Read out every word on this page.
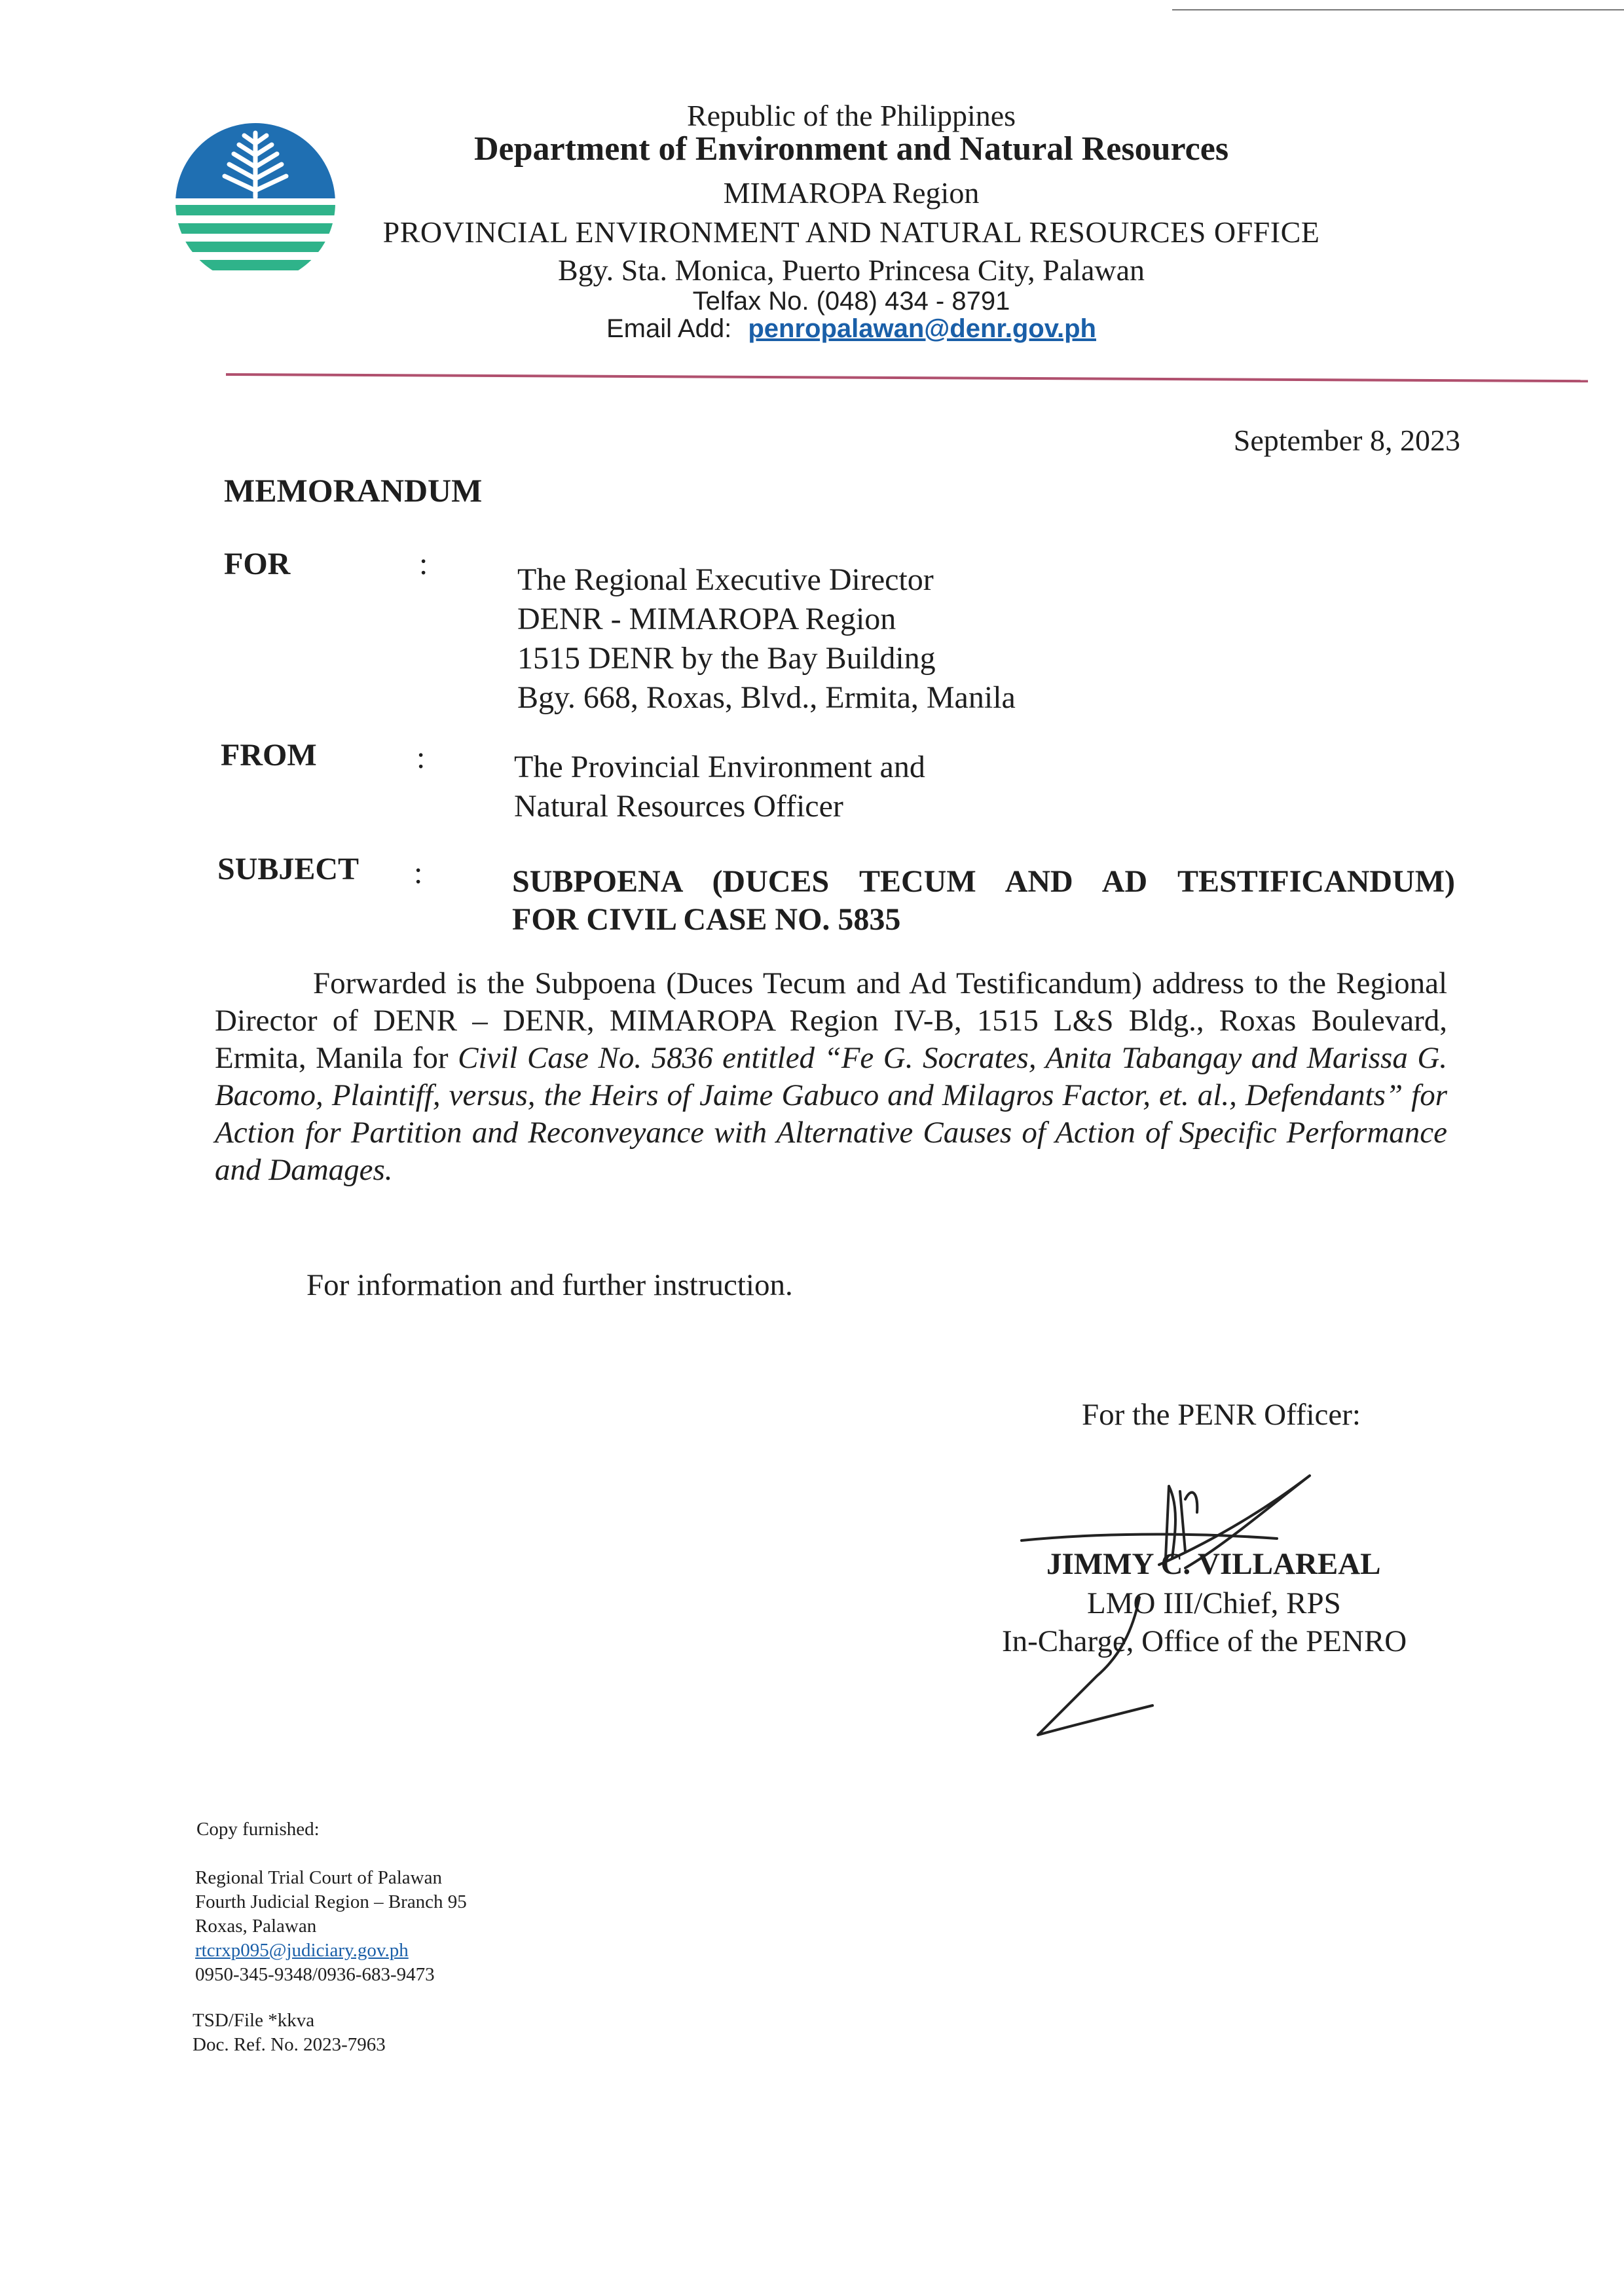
Republic of the Philippines
Department of Environment and Natural Resources
MIMAROPA Region
PROVINCIAL ENVIRONMENT AND NATURAL RESOURCES OFFICE
Bgy. Sta. Monica, Puerto Princesa City, Palawan
Telfax No. (048) 434 - 8791
Email Add: penropalawan@denr.gov.ph
September 8, 2023
MEMORANDUM
FOR	:	The Regional Executive Director
DENR - MIMAROPA Region
1515 DENR by the Bay Building
Bgy. 668, Roxas, Blvd., Ermita, Manila
FROM	:	The Provincial Environment and
Natural Resources Officer
SUBJECT :	SUBPOENA (DUCES TECUM AND AD TESTIFICANDUM)
FOR CIVIL CASE NO. 5835
Forwarded is the Subpoena (Duces Tecum and Ad Testificandum) address to the Regional Director of DENR – DENR, MIMAROPA Region IV-B, 1515 L&S Bldg., Roxas Boulevard, Ermita, Manila for Civil Case No. 5836 entitled “Fe G. Socrates, Anita Tabangay and Marissa G. Bacomo, Plaintiff, versus, the Heirs of Jaime Gabuco and Milagros Factor, et. al., Defendants” for Action for Partition and Reconveyance with Alternative Causes of Action of Specific Performance and Damages.
For information and further instruction.
For the PENR Officer:
JIMMY C. VILLAREAL
LMO III/Chief, RPS
In-Charge, Office of the PENRO
Copy furnished:
Regional Trial Court of Palawan
Fourth Judicial Region – Branch 95
Roxas, Palawan
rtcrxp095@judiciary.gov.ph
0950-345-9348/0936-683-9473
TSD/File *kkva
Doc. Ref. No. 2023-7963
